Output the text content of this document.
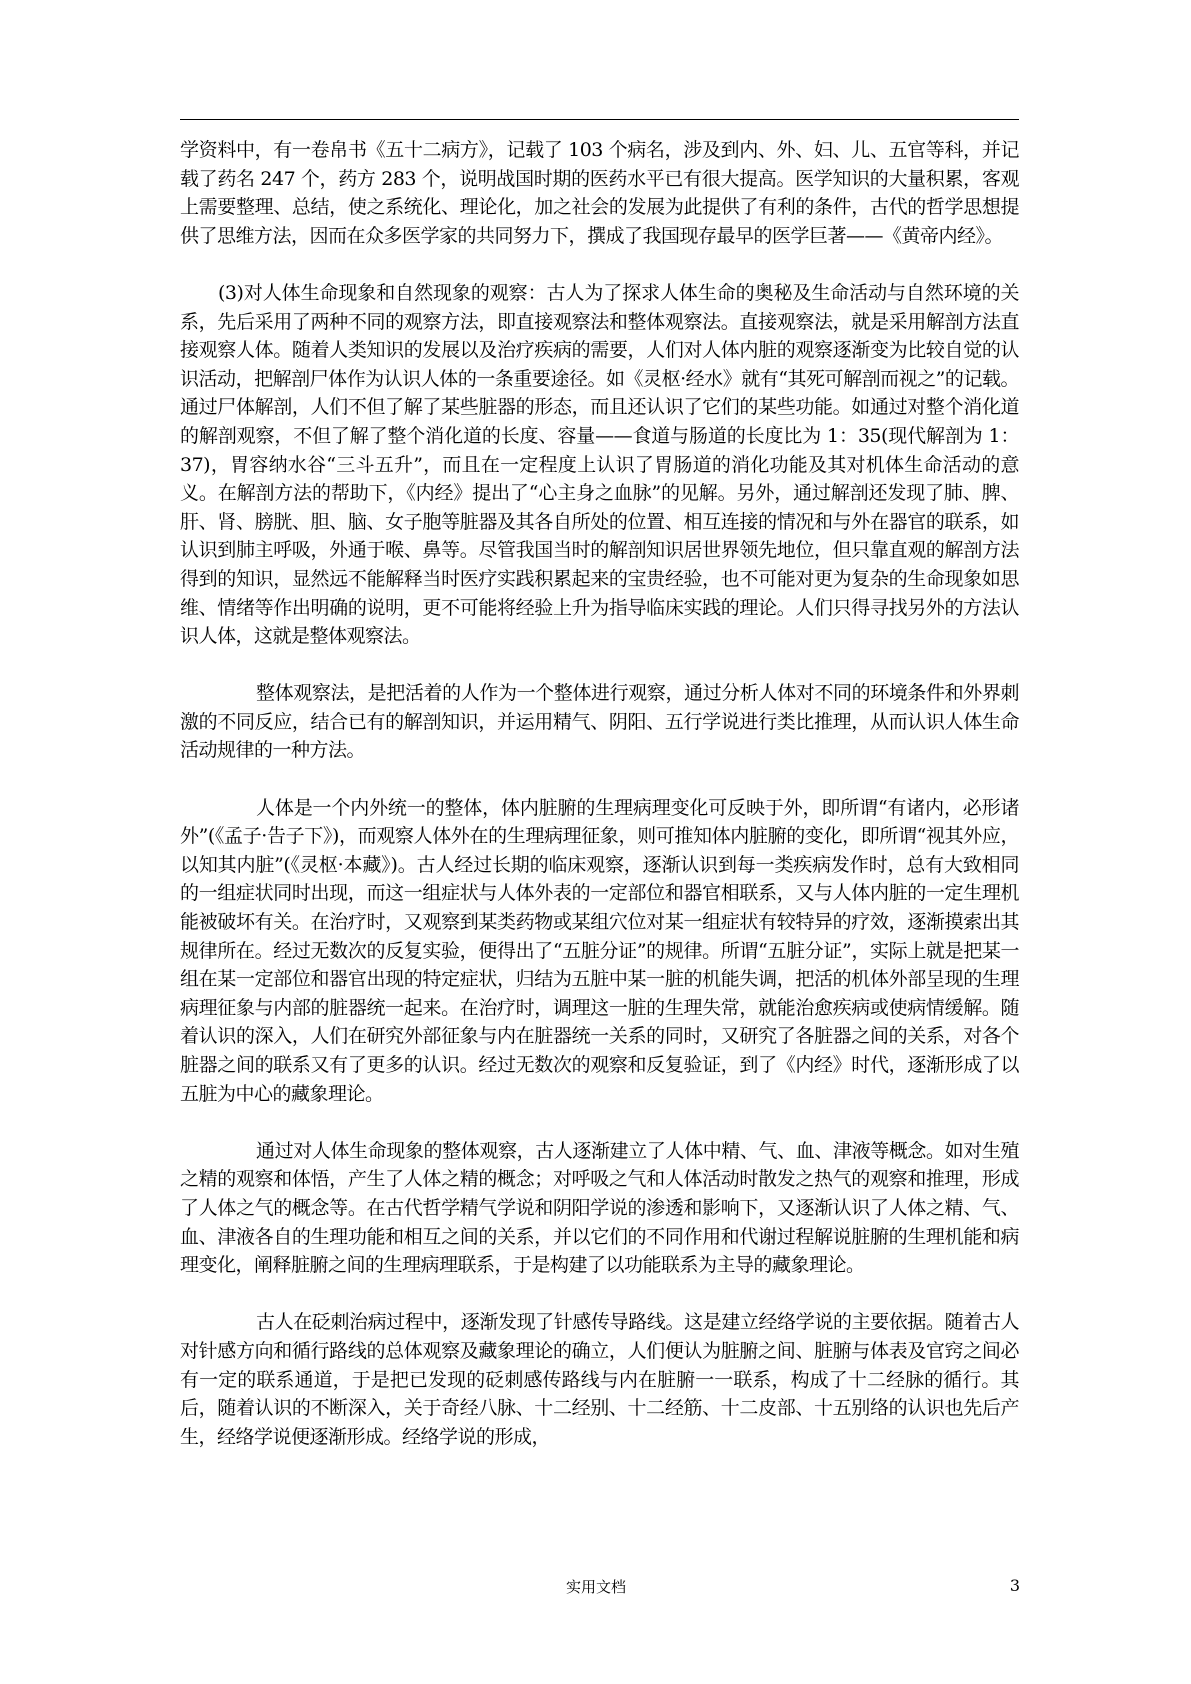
学资料中，有一卷帛书《五十二病方》，记载了 103 个病名，涉及到内、外、妇、儿、五官等科，并记载了药名 247 个，药方 283 个，说明战国时期的医药水平已有很大提高。医学知识的大量积累，客观上需要整理、总结，使之系统化、理论化，加之社会的发展为此提供了有利的条件，古代的哲学思想提供了思维方法，因而在众多医学家的共同努力下，撰成了我国现存最早的医学巨著——《黄帝内经》。

(3)对人体生命现象和自然现象的观察：古人为了探求人体生命的奥秘及生命活动与自然环境的关系，先后采用了两种不同的观察方法，即直接观察法和整体观察法。直接观察法，就是采用解剖方法直接观察人体。随着人类知识的发展以及治疗疾病的需要，人们对人体内脏的观察逐渐变为比较自觉的认识活动，把解剖尸体作为认识人体的一条重要途径。如《灵枢·经水》就有“其死可解剖而视之”的记载。通过尸体解剖，人们不但了解了某些脏器的形态，而且还认识了它们的某些功能。如通过对整个消化道的解剖观察，不但了解了整个消化道的长度、容量——食道与肠道的长度比为 1：35(现代解剖为 1：37)，胃容纳水谷“三斗五升”，而且在一定程度上认识了胃肠道的消化功能及其对机体生命活动的意义。在解剖方法的帮助下，《内经》提出了“心主身之血脉”的见解。另外，通过解剖还发现了肺、脾、肝、肾、膀胱、胆、脑、女子胞等脏器及其各自所处的位置、相互连接的情况和与外在器官的联系，如认识到肺主呼吸，外通于喉、鼻等。尽管我国当时的解剖知识居世界领先地位，但只靠直观的解剖方法得到的知识，显然远不能解释当时医疗实践积累起来的宝贵经验，也不可能对更为复杂的生命现象如思维、情绪等作出明确的说明，更不可能将经验上升为指导临床实践的理论。人们只得寻找另外的方法认识人体，这就是整体观察法。

整体观察法，是把活着的人作为一个整体进行观察，通过分析人体对不同的环境条件和外界刺激的不同反应，结合已有的解剖知识，并运用精气、阴阳、五行学说进行类比推理，从而认识人体生命活动规律的一种方法。

人体是一个内外统一的整体，体内脏腑的生理病理变化可反映于外，即所谓“有诸内，必形诸外”(《孟子·告子下》)，而观察人体外在的生理病理征象，则可推知体内脏腑的变化，即所谓“视其外应，以知其内脏”(《灵枢·本藏》)。古人经过长期的临床观察，逐渐认识到每一类疾病发作时，总有大致相同的一组症状同时出现，而这一组症状与人体外表的一定部位和器官相联系，又与人体内脏的一定生理机能被破坏有关。在治疗时，又观察到某类药物或某组穴位对某一组症状有较特异的疗效，逐渐摸索出其规律所在。经过无数次的反复实验，便得出了“五脏分证”的规律。所谓“五脏分证”，实际上就是把某一组在某一定部位和器官出现的特定症状，归结为五脏中某一脏的机能失调，把活的机体外部呈现的生理病理征象与内部的脏器统一起来。在治疗时，调理这一脏的生理失常，就能治愈疾病或使病情缓解。随着认识的深入，人们在研究外部征象与内在脏器统一关系的同时，又研究了各脏器之间的关系，对各个脏器之间的联系又有了更多的认识。经过无数次的观察和反复验证，到了《内经》时代，逐渐形成了以五脏为中心的藏象理论。

通过对人体生命现象的整体观察，古人逐渐建立了人体中精、气、血、津液等概念。如对生殖之精的观察和体悟，产生了人体之精的概念；对呼吸之气和人体活动时散发之热气的观察和推理，形成了人体之气的概念等。在古代哲学精气学说和阴阳学说的渗透和影响下，又逐渐认识了人体之精、气、血、津液各自的生理功能和相互之间的关系，并以它们的不同作用和代谢过程解说脏腑的生理机能和病理变化，阐释脏腑之间的生理病理联系，于是构建了以功能联系为主导的藏象理论。

古人在砭刺治病过程中，逐渐发现了针感传导路线。这是建立经络学说的主要依据。随着古人对针感方向和循行路线的总体观察及藏象理论的确立，人们便认为脏腑之间、脏腑与体表及官窍之间必有一定的联系通道，于是把已发现的砭刺感传路线与内在脏腑一一联系，构成了十二经脉的循行。其后，随着认识的不断深入，关于奇经八脉、十二经别、十二经筋、十二皮部、十五别络的认识也先后产生，经络学说便逐渐形成。经络学说的形成，

实用文档	3
